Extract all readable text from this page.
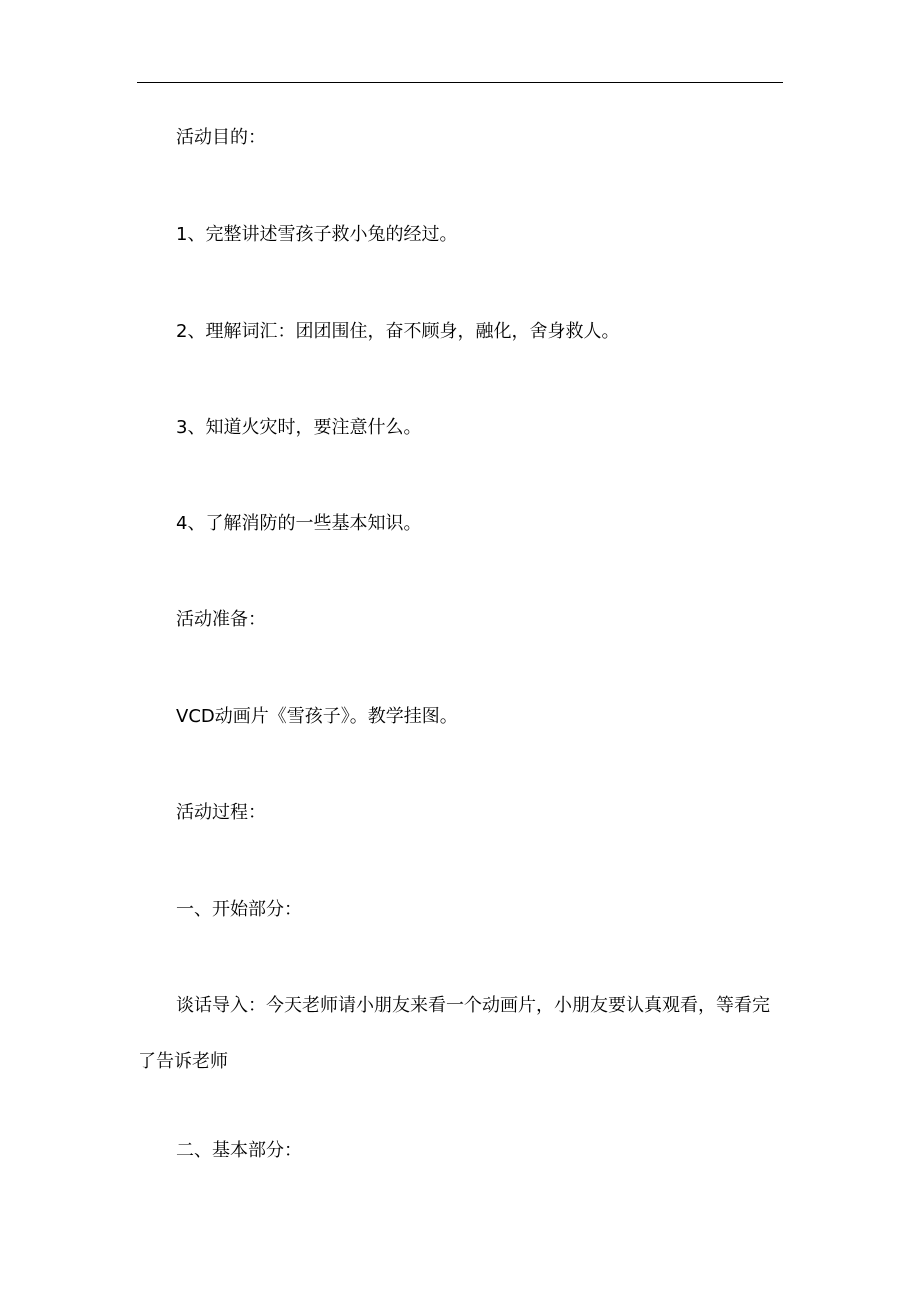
活动目的：

1、完整讲述雪孩子救小兔的经过。

2、理解词汇：团团围住，奋不顾身，融化，舍身救人。

3、知道火灾时，要注意什么。

4、了解消防的一些基本知识。

活动准备：

VCD动画片《雪孩子》。教学挂图。

活动过程：

一、开始部分：

谈话导入：今天老师请小朋友来看一个动画片，小朋友要认真观看，等看完了告诉老师

二、基本部分：
